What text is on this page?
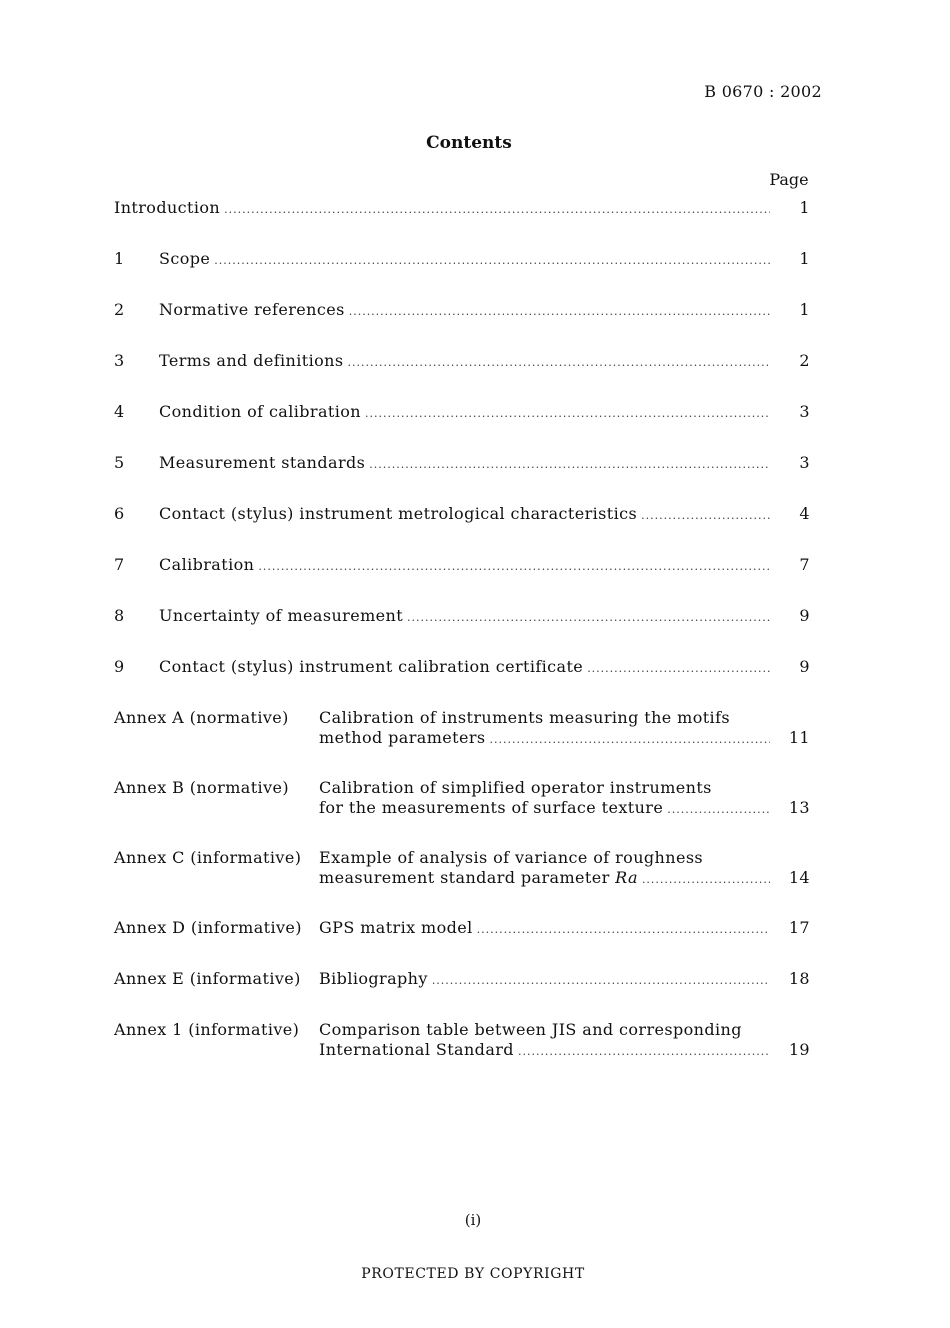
B 0670 : 2002
Contents
Page
Introduction .....	1
1	Scope .....	1
2	Normative references .....	1
3	Terms and definitions .....	2
4	Condition of calibration .....	3
5	Measurement standards .....	3
6	Contact (stylus) instrument metrological characteristics .....	4
7	Calibration .....	7
8	Uncertainty of measurement .....	9
9	Contact (stylus) instrument calibration certificate .....	9
Annex A (normative)	Calibration of instruments measuring the motifs
method parameters .....	11
Annex B (normative)	Calibration of simplified operator instruments
for the measurements of surface texture .....	13
Annex C (informative)	Example of analysis of variance of roughness
measurement standard parameter Ra .....	14
Annex D (informative)	GPS matrix model .....	17
Annex E (informative)	Bibliography .....	18
Annex 1 (informative)	Comparison table between JIS and corresponding
International Standard .....	19
(i)
PROTECTED BY COPYRIGHT
